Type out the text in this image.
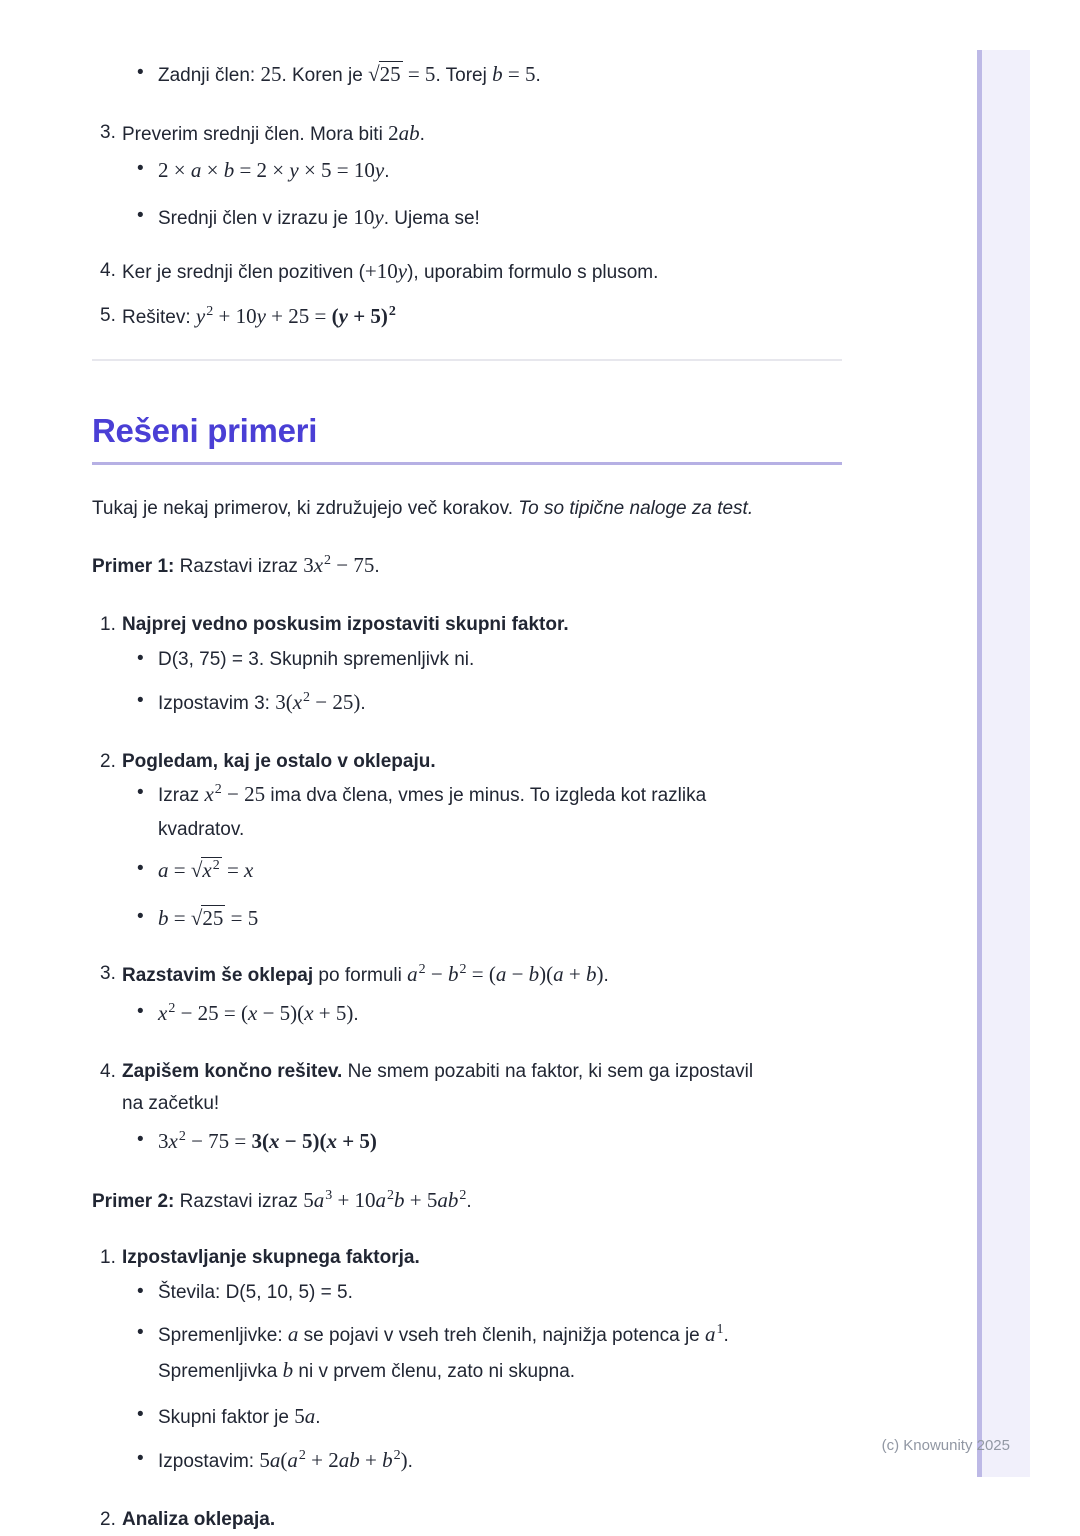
• Zadnji člen: 25. Koren je √25 = 5. Torej b = 5.
3. Preverim srednji člen. Mora biti 2ab.
• 2 × a × b = 2 × y × 5 = 10y.
• Srednji člen v izrazu je 10y. Ujema se!
4. Ker je srednji člen pozitiven (+10y), uporabim formulo s plusom.
5. Rešitev: $y^2 + 10y + 25 = (y + 5)^2$
Rešeni primeri
Tukaj je nekaj primerov, ki združujejo več korakov. To so tipične naloge za test.
Primer 1: Razstavi izraz $3x^2 - 75$.
1. Najprej vedno poskusim izpostaviti skupni faktor.
• D(3, 75) = 3. Skupnih spremenljivk ni.
• Izpostavim 3: $3(x^2 - 25)$.
2. Pogledam, kaj je ostalo v oklepaju.
• Izraz $x^2 - 25$ ima dva člena, vmes je minus. To izgleda kot razlika
kvadratov.
• $a = √x^2 = x$
• b = √25 = 5
3. Razstavim še oklepaj po formuli $a^2 - b^2 = (a - b)(a + b)$.
• $x^2 - 25 = (x - 5)(x + 5)$.
4. Zapišem končno rešitev. Ne smem pozabiti na faktor, ki sem ga izpostavil
na začetku!
• $3x^2 - 75 = 3(x - 5)(x + 5)$
Primer 2: Razstavi izraz $5a^3 + 10a^2b + 5ab^2$.
1. Izpostavljanje skupnega faktorja.
• Števila: D(5, 10, 5) = 5.
• Spremenljivke: a se pojavi v vseh treh členih, najnižja potenca je $a^1$.
Spremenljivka b ni v prvem členu, zato ni skupna.
• Skupni faktor je 5a.
• Izpostavim: $5a(a^2 + 2ab + b^2)$.
2. Analiza oklepaja.
(c) Knowunity 2025
